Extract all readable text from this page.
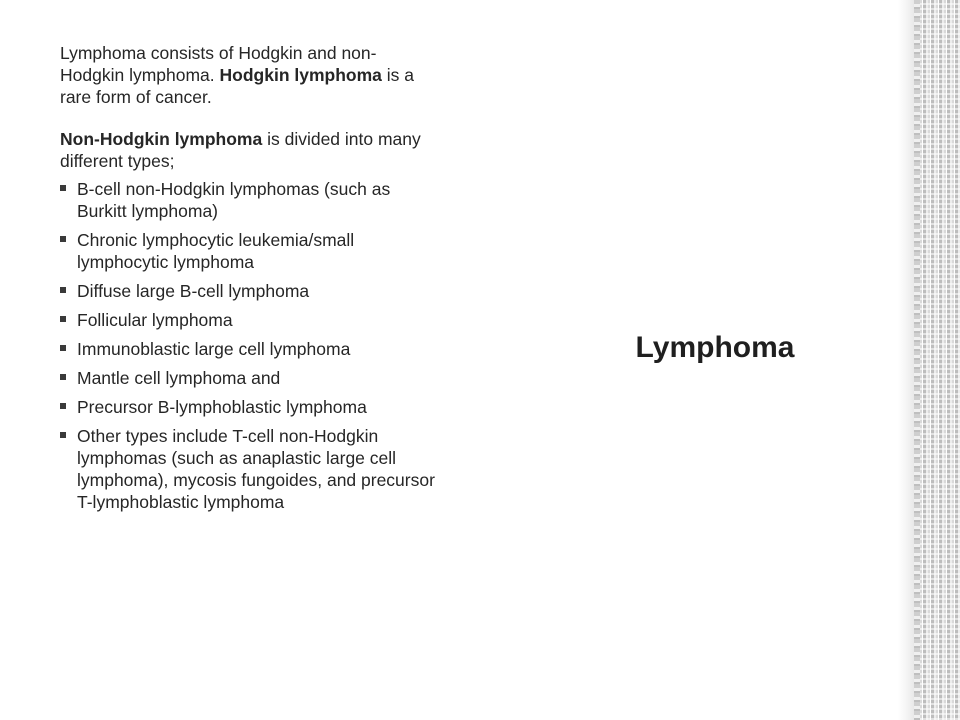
Lymphoma consists of Hodgkin and non-Hodgkin lymphoma. Hodgkin lymphoma is a rare form of cancer.

Non-Hodgkin lymphoma is divided into many different types;

B-cell non-Hodgkin lymphomas (such as Burkitt lymphoma)
Chronic lymphocytic leukemia/small lymphocytic lymphoma
Diffuse large B-cell lymphoma
Follicular lymphoma
Immunoblastic large cell lymphoma
Mantle cell lymphoma and
Precursor B-lymphoblastic lymphoma
Other types include T-cell non-Hodgkin lymphomas (such as anaplastic large cell lymphoma), mycosis fungoides, and precursor T-lymphoblastic lymphoma
Lymphoma
